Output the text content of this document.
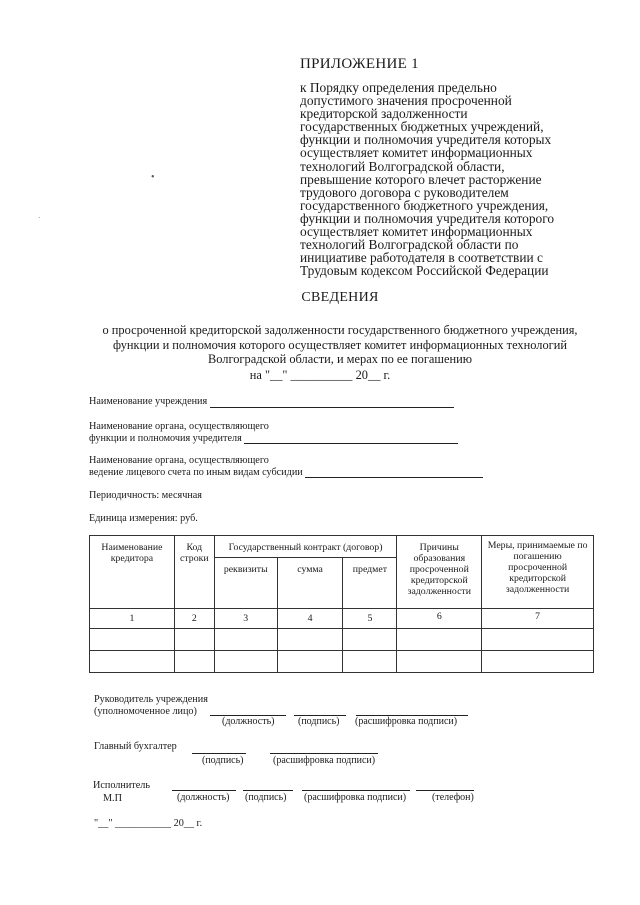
ПРИЛОЖЕНИЕ 1
к Порядку определения предельно
допустимого значения просроченной
кредиторской задолженности
государственных бюджетных учреждений,
функции и полномочия учредителя которых
осуществляет комитет информационных
технологий Волгоградской области,
превышение которого влечет расторжение
трудового договора с руководителем
государственного бюджетного учреждения,
функции и полномочия учредителя которого
осуществляет комитет информационных
технологий Волгоградской области по
инициативе работодателя в соответствии с
Трудовым кодексом Российской Федерации
•
·
СВЕДЕНИЯ
о просроченной кредиторской задолженности государственного бюджетного учреждения,
функции и полномочия которого осуществляет комитет информационных технологий
Волгоградской области, и мерах по ее погашению
на "__" __________ 20__ г.
Наименование учреждения
Наименование органа, осуществляющего
функции и полномочия учредителя
Наименование органа, осуществляющего
ведение лицевого счета по иным видам субсидии
Периодичность: месячная
Единица измерения: руб.
Наименование кредитора	Код строки	Государственный контракт (договор)			Причины образования просроченной кредиторской задолженности	Меры, принимаемые по погашению просроченной кредиторской задолженности
		реквизиты	сумма	предмет		
1	2	3	4	5	6	7

Руководитель учреждения
(уполномоченное лицо)
(должность) (подпись) (расшифровка подписи)
Главный бухгалтер
(подпись)	(расшифровка подписи)
Исполнитель
М.П	(должность) (подпись) (расшифровка подписи)	(телефон)
"__" ___________ 20__ г.
